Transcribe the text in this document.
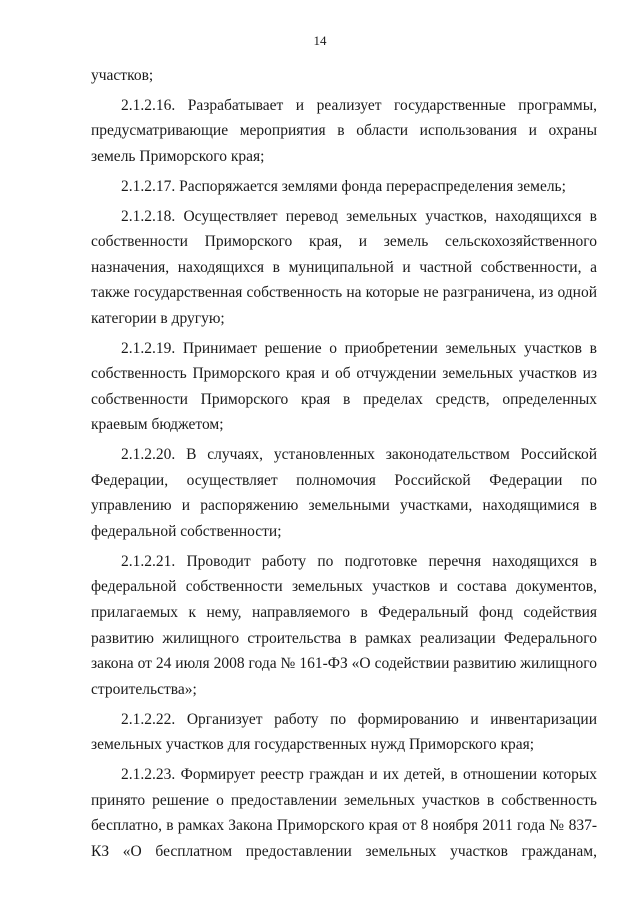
14

участков;

2.1.2.16. Разрабатывает и реализует государственные программы, предусматривающие мероприятия в области использования и охраны земель Приморского края;

2.1.2.17. Распоряжается землями фонда перераспределения земель;

2.1.2.18. Осуществляет перевод земельных участков, находящихся в собственности Приморского края, и земель сельскохозяйственного назначения, находящихся в муниципальной и частной собственности, а также государственная собственность на которые не разграничена, из одной категории в другую;

2.1.2.19. Принимает решение о приобретении земельных участков в собственность Приморского края и об отчуждении земельных участков из собственности Приморского края в пределах средств, определенных краевым бюджетом;

2.1.2.20. В случаях, установленных законодательством Российской Федерации, осуществляет полномочия Российской Федерации по управлению и распоряжению земельными участками, находящимися в федеральной собственности;

2.1.2.21. Проводит работу по подготовке перечня находящихся в федеральной собственности земельных участков и состава документов, прилагаемых к нему, направляемого в Федеральный фонд содействия развитию жилищного строительства в рамках реализации Федерального закона от 24 июля 2008 года № 161-ФЗ «О содействии развитию жилищного строительства»;

2.1.2.22. Организует работу по формированию и инвентаризации земельных участков для государственных нужд Приморского края;

2.1.2.23. Формирует реестр граждан и их детей, в отношении которых принято решение о предоставлении земельных участков в собственность бесплатно, в рамках Закона Приморского края от 8 ноября 2011 года № 837-КЗ «О бесплатном предоставлении земельных участков гражданам,
